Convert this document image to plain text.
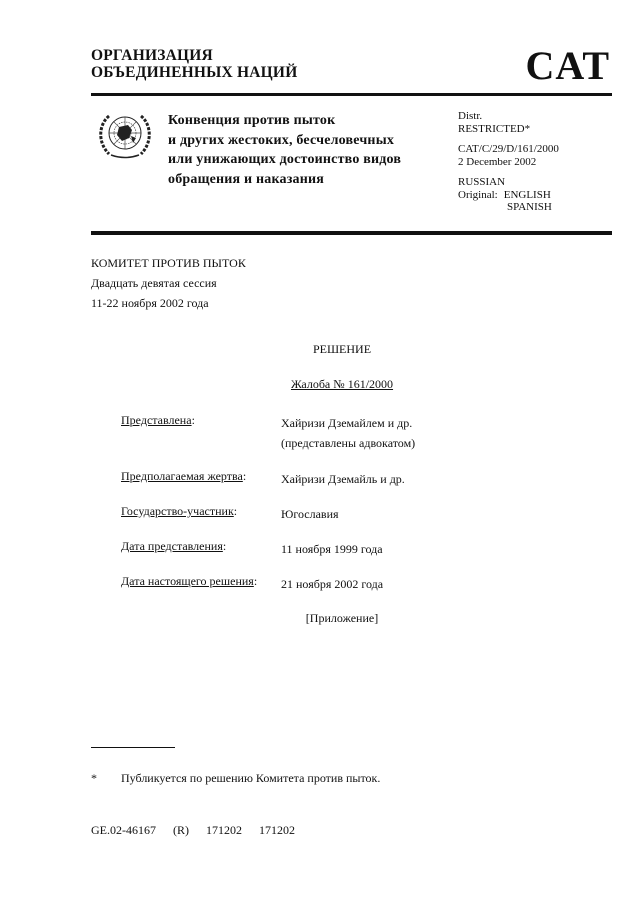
ОРГАНИЗАЦИЯ
ОБЪЕДИНЕННЫХ НАЦИЙ	CAT
Конвенция против пыток
и других жестоких, бесчеловечных
или унижающих достоинство видов
обращения и наказания
Distr.
RESTRICTED*
CAT/C/29/D/161/2000
2 December 2002
RUSSIAN
Original: ENGLISH
SPANISH
КОМИТЕТ ПРОТИВ ПЫТОК
Двадцать девятая сессия
11-22 ноября 2002 года
РЕШЕНИЕ
Жалоба № 161/2000
Представлена:	Хайризи Дземайлем и др.
(представлены адвокатом)
Предполагаемая жертва:	Хайризи Дземайль и др.
Государство-участник:	Югославия
Дата представления:	11 ноября 1999 года
Дата настоящего решения: 21 ноября 2002 года
[Приложение]
* Публикуется по решению Комитета против пыток.
GE.02-46167 (R) 171202 171202
